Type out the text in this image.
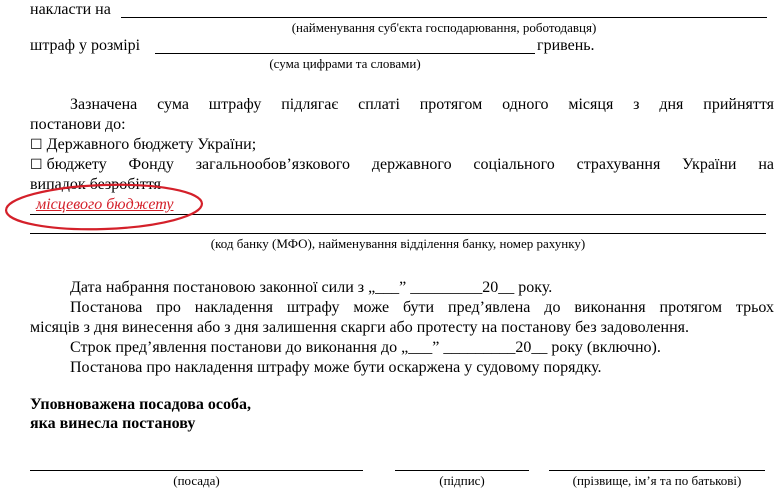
накласти на
(найменування суб'єкта господарювання, роботодавця)
штраф у розмірі	гривень.
(сума цифрами та словами)
Зазначена сума штрафу підлягає сплаті протягом одного місяця з дня прийняття
постанови до:
☐ Державного бюджету України;
☐ бюджету Фонду загальнообов’язкового державного соціального страхування України на
випадок безробіття
місцевого бюджету
(код банку (МФО), найменування відділення банку, номер рахунку)
Дата набрання постановою законної сили з „___” _________20__ року.
Постанова про накладення штрафу може бути пред’явлена до виконання протягом трьох
місяців з дня винесення або з дня залишення скарги або протесту на постанову без задоволення.
Строк пред’явлення постанови до виконання до „___” _________20__ року (включно).
Постанова про накладення штрафу може бути оскаржена у судовому порядку.
Уповноважена посадова особа,
яка винесла постанову
(посада)	(підпис)	(прізвище, ім’я та по батькові)
